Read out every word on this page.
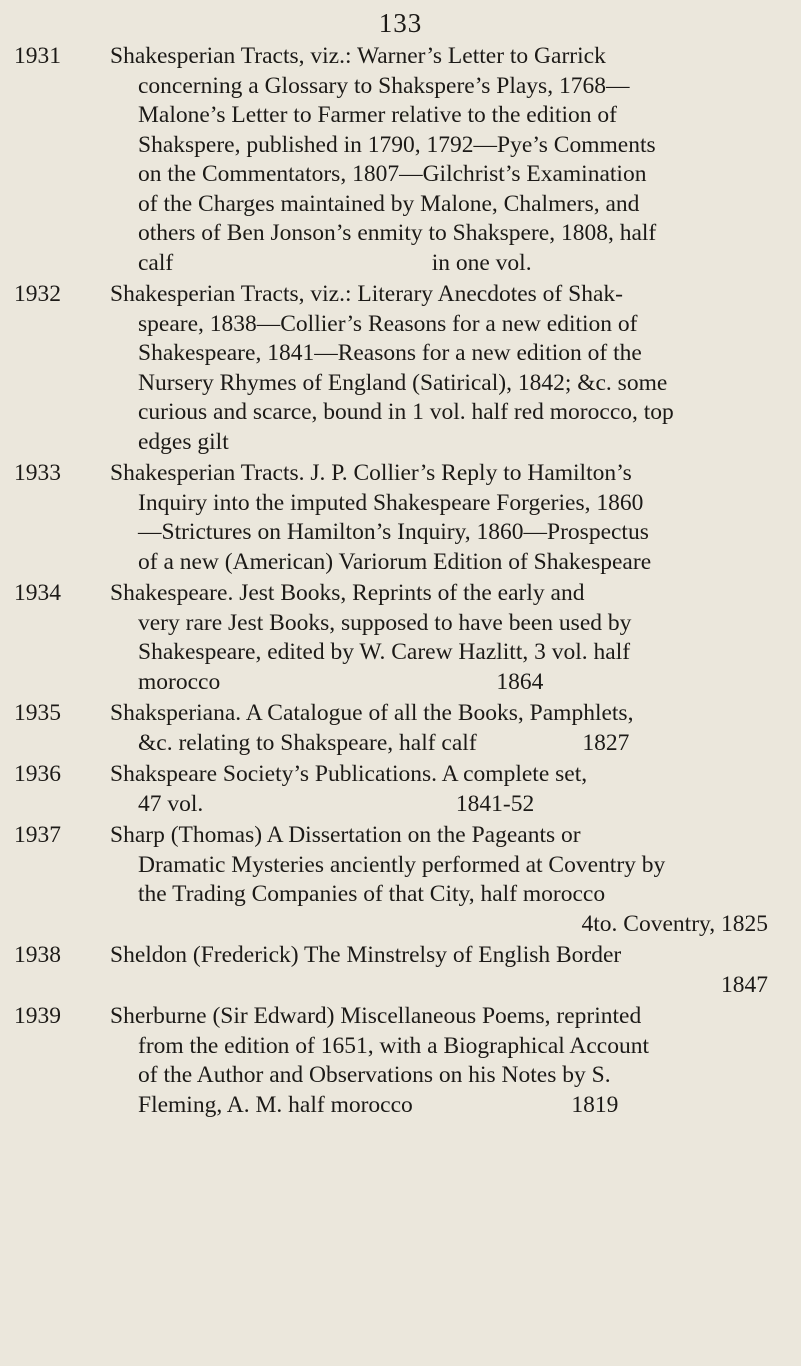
133
1931 Shakesperian Tracts, viz.: Warner’s Letter to Garrick
concerning a Glossary to Shakspere’s Plays, 1768—
Malone’s Letter to Farmer relative to the edition of
Shakspere, published in 1790, 1792—Pye’s Comments
on the Commentators, 1807—Gilchrist’s Examination
of the Charges maintained by Malone, Chalmers, and
others of Ben Jonson’s enmity to Shakspere, 1808, half
calf                                            in one vol.
1932 Shakesperian Tracts, viz.: Literary Anecdotes of Shak-
speare, 1838—Collier’s Reasons for a new edition of
Shakespeare, 1841—Reasons for a new edition of the
Nursery Rhymes of England (Satirical), 1842; &c. some
curious and scarce, bound in 1 vol. half red morocco, top
edges gilt
1933 Shakesperian Tracts. J. P. Collier’s Reply to Hamilton’s
Inquiry into the imputed Shakespeare Forgeries, 1860
—Strictures on Hamilton’s Inquiry, 1860—Prospectus
of a new (American) Variorum Edition of Shakespeare
1934 Shakespeare. Jest Books, Reprints of the early and
very rare Jest Books, supposed to have been used by
Shakespeare, edited by W. Carew Hazlitt, 3 vol. half
morocco                                               1864
1935 Shaksperiana. A Catalogue of all the Books, Pamphlets,
&c. relating to Shakspeare, half calf                  1827
1936 Shakspeare Society’s Publications. A complete set,
47 vol.                                           1841-52
1937 Sharp (Thomas) A Dissertation on the Pageants or
Dramatic Mysteries anciently performed at Coventry by
the Trading Companies of that City, half morocco
4to. Coventry, 1825
1938 Sheldon (Frederick) The Minstrelsy of English Border
1847
1939 Sherburne (Sir Edward) Miscellaneous Poems, reprinted
from the edition of 1651, with a Biographical Account
of the Author and Observations on his Notes by S.
Fleming, A. M. half morocco                           1819
